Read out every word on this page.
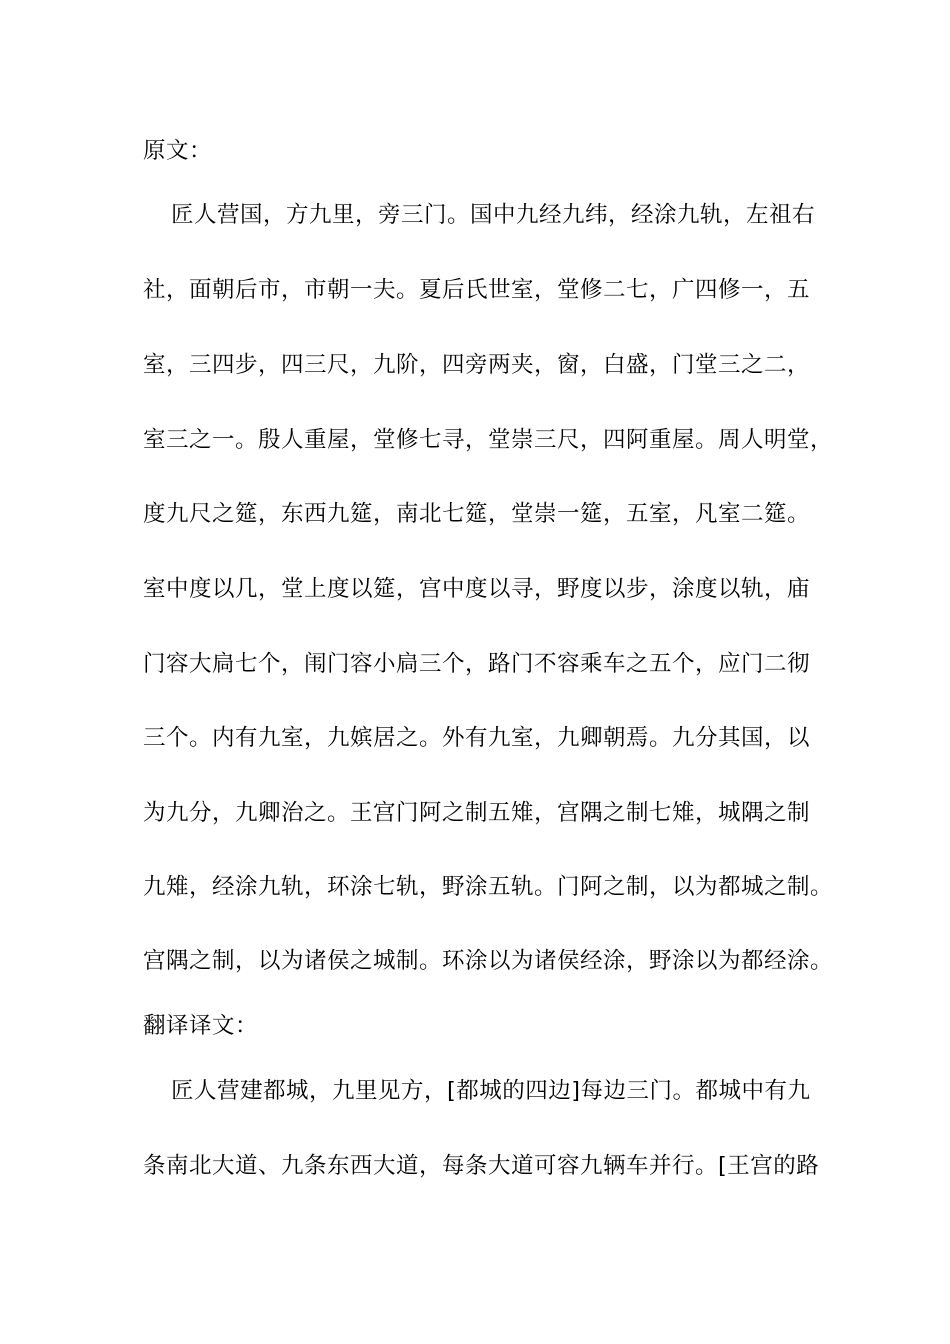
原文：
匠人营国，方九里，旁三门。国中九经九纬，经涂九轨，左祖右
社，面朝后市，市朝一夫。夏后氏世室，堂修二七，广四修一，五
室，三四步，四三尺，九阶，四旁两夹，窗，白盛，门堂三之二，
室三之一。殷人重屋，堂修七寻，堂崇三尺，四阿重屋。周人明堂，
度九尺之筵，东西九筵，南北七筵，堂崇一筵，五室，凡室二筵。
室中度以几，堂上度以筵，宫中度以寻，野度以步，涂度以轨，庙
门容大扃七个，闱门容小扃三个，路门不容乘车之五个，应门二彻
三个。内有九室，九嫔居之。外有九室，九卿朝焉。九分其国，以
为九分，九卿治之。王宫门阿之制五雉，宫隅之制七雉，城隅之制
九雉，经涂九轨，环涂七轨，野涂五轨。门阿之制，以为都城之制。
宫隅之制，以为诸侯之城制。环涂以为诸侯经涂，野涂以为都经涂。
翻译译文：
匠人营建都城，九里见方，[都城的四边]每边三门。都城中有九
条南北大道、九条东西大道，每条大道可容九辆车并行。[王宫的路
